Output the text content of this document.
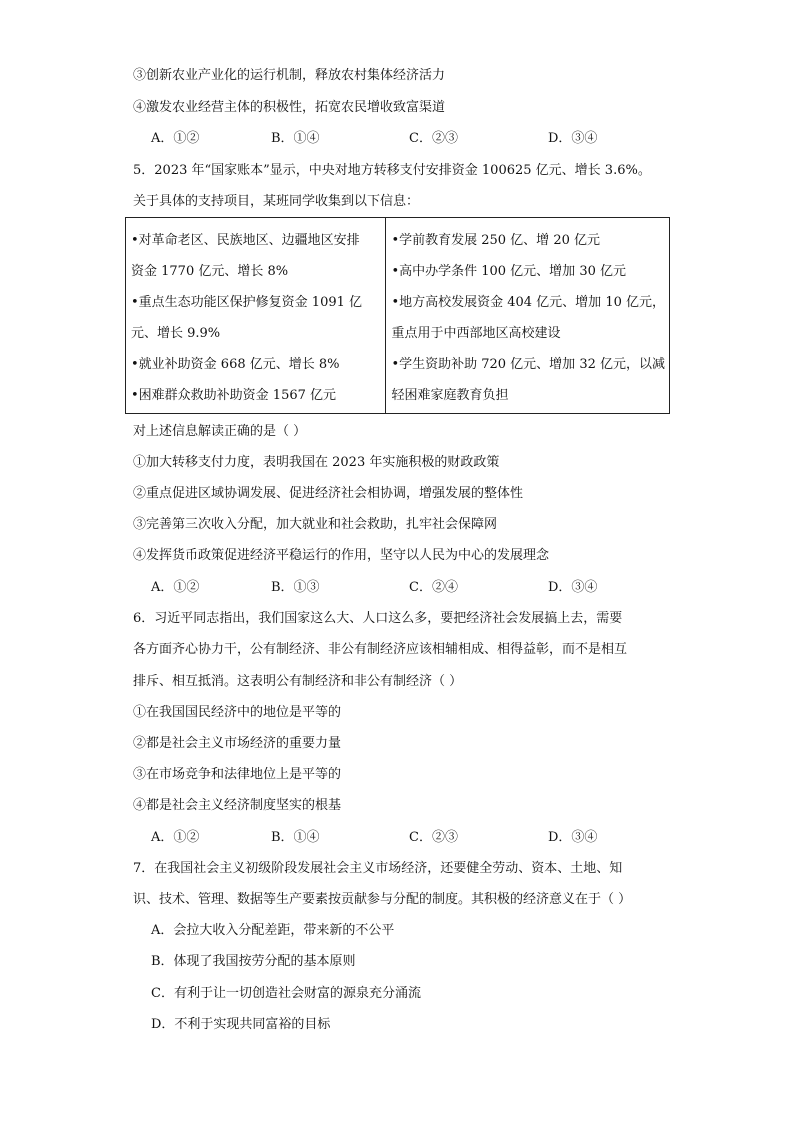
③创新农业产业化的运行机制，释放农村集体经济活力
④激发农业经营主体的积极性，拓宽农民增收致富渠道
A．①②	B．①④	C．②③	D．③④
5．2023 年“国家账本”显示，中央对地方转移支付安排资金 100625 亿元、增长 3.6%。
关于具体的支持项目，某班同学收集到以下信息：
•对革命老区、民族地区、边疆地区安排
资金 1770 亿元、增长 8%
•重点生态功能区保护修复资金 1091 亿
元、增长 9.9%
•就业补助资金 668 亿元、增长 8%
•困难群众救助补助资金 1567 亿元

•学前教育发展 250 亿、增 20 亿元
•高中办学条件 100 亿元、增加 30 亿元
•地方高校发展资金 404 亿元、增加 10 亿元，
重点用于中西部地区高校建设
•学生资助补助 720 亿元、增加 32 亿元，以减
轻困难家庭教育负担
对上述信息解读正确的是（ ）
①加大转移支付力度，表明我国在 2023 年实施积极的财政政策
②重点促进区域协调发展、促进经济社会相协调，增强发展的整体性
③完善第三次收入分配，加大就业和社会救助，扎牢社会保障网
④发挥货币政策促进经济平稳运行的作用，坚守以人民为中心的发展理念
A．①②	B．①③	C．②④	D．③④
6．习近平同志指出，我们国家这么大、人口这么多，要把经济社会发展搞上去，需要
各方面齐心协力干，公有制经济、非公有制经济应该相辅相成、相得益彰，而不是相互
排斥、相互抵消。这表明公有制经济和非公有制经济（ ）
①在我国国民经济中的地位是平等的
②都是社会主义市场经济的重要力量
③在市场竞争和法律地位上是平等的
④都是社会主义经济制度坚实的根基
A．①②	B．①④	C．②③	D．③④
7．在我国社会主义初级阶段发展社会主义市场经济，还要健全劳动、资本、土地、知
识、技术、管理、数据等生产要素按贡献参与分配的制度。其积极的经济意义在于（ ）
A．会拉大收入分配差距，带来新的不公平
B．体现了我国按劳分配的基本原则
C．有利于让一切创造社会财富的源泉充分涌流
D．不利于实现共同富裕的目标
